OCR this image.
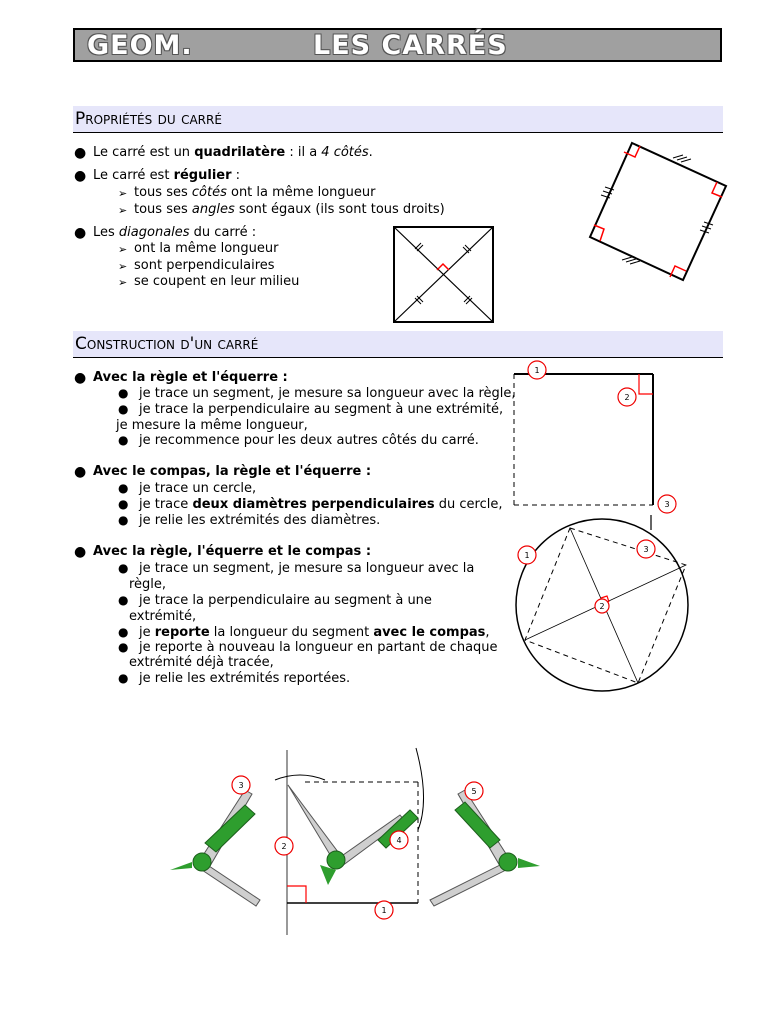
GEOM.	LES CARRÉS
Propriétés du carré
● Le carré est un quadrilatère : il a 4 côtés.
● Le carré est régulier :
➢ tous ses côtés ont la même longueur
➢ tous ses angles sont égaux (ils sont tous droits)
● Les diagonales du carré :
➢ ont la même longueur
➢ sont perpendiculaires
➢ se coupent en leur milieu
Construction d'un carré
● Avec la règle et l'équerre :
● je trace un segment, je mesure sa longueur avec la règle,
● je trace la perpendiculaire au segment à une extrémité,
je mesure la même longueur,
● je recommence pour les deux autres côtés du carré.
● Avec le compas, la règle et l'équerre :
● je trace un cercle,
● je trace deux diamètres perpendiculaires du cercle,
● je relie les extrémités des diamètres.
● Avec la règle, l'équerre et le compas :
● je trace un segment, je mesure sa longueur avec la
règle,
● je trace la perpendiculaire au segment à une
extrémité,
● je reporte la longueur du segment avec le compas,
● je reporte à nouveau la longueur en partant de chaque
extrémité déjà tracée,
● je relie les extrémités reportées.
1
2
3
1
2
3
3
2
4
5
1
